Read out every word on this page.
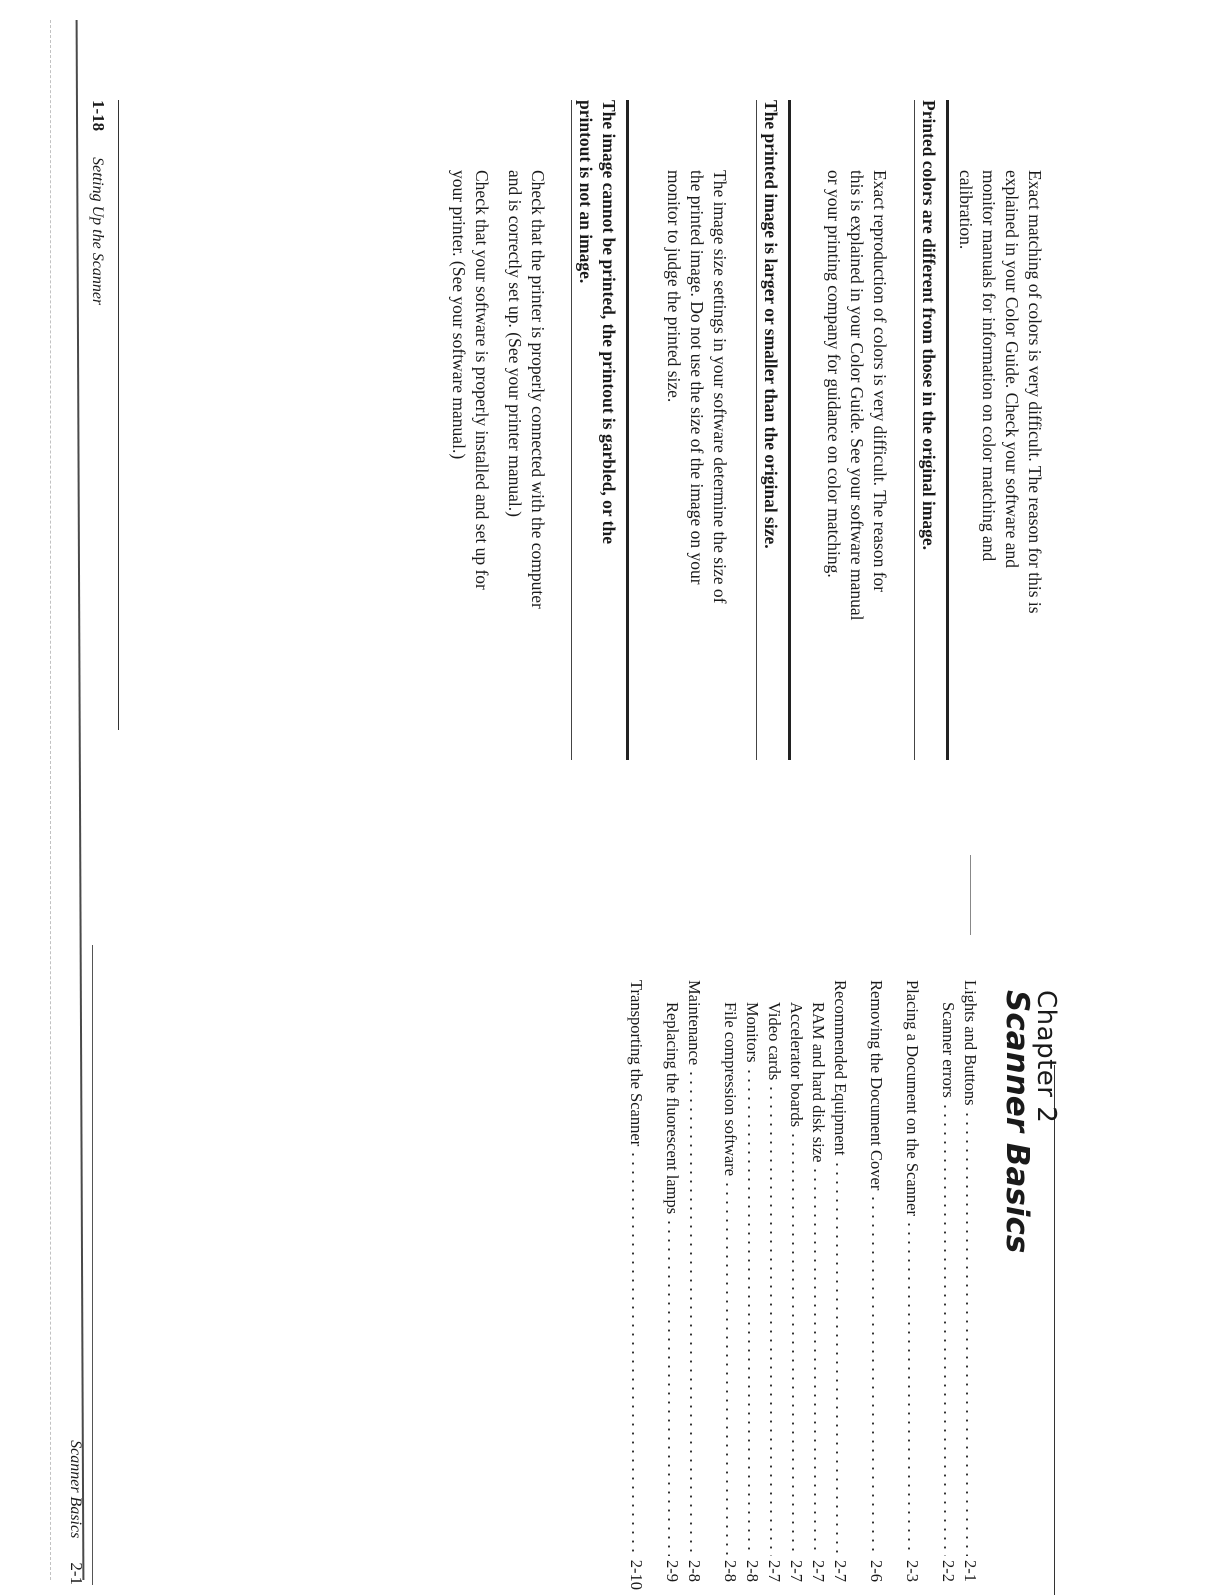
Exact matching of colors is very difficult. The reason for this is

explained in your Color Guide. Check your software and

monitor manuals for information on color matching and

calibration.

Printed colors are different from those in the original image.

Exact reproduction of colors is very difficult. The reason for

this is explained in your Color Guide. See your software manual

or your printing company for guidance on color matching.

The printed image is larger or smaller than the original size.

The image size settings in your software determine the size of

the printed image. Do not use the size of the image on your

monitor to judge the printed size.

The image cannot be printed, the printout is garbled, or the
printout is not an image.

Check that the printer is properly connected with the computer

and is correctly set up. (See your printer manual.)

Check that your software is properly installed and set up for

your printer. (See your software manual.)

1-18 Setting Up the Scanner
Chapter 2
Scanner Basics
Lights and Buttons
2-1
Scanner errors
2-2
Placing a Document on the Scanner
2-3
Removing the Document Cover
2-6
Recommended Equipment
2-7
RAM and hard disk size
2-7
Accelerator boards
2-7
Video cards
2-7
Monitors
2-8
File compression software
2-8
Maintenance
2-8
Replacing the fluorescent lamps
2-9
Transporting the Scanner
2-10
Scanner Basics 2-1
